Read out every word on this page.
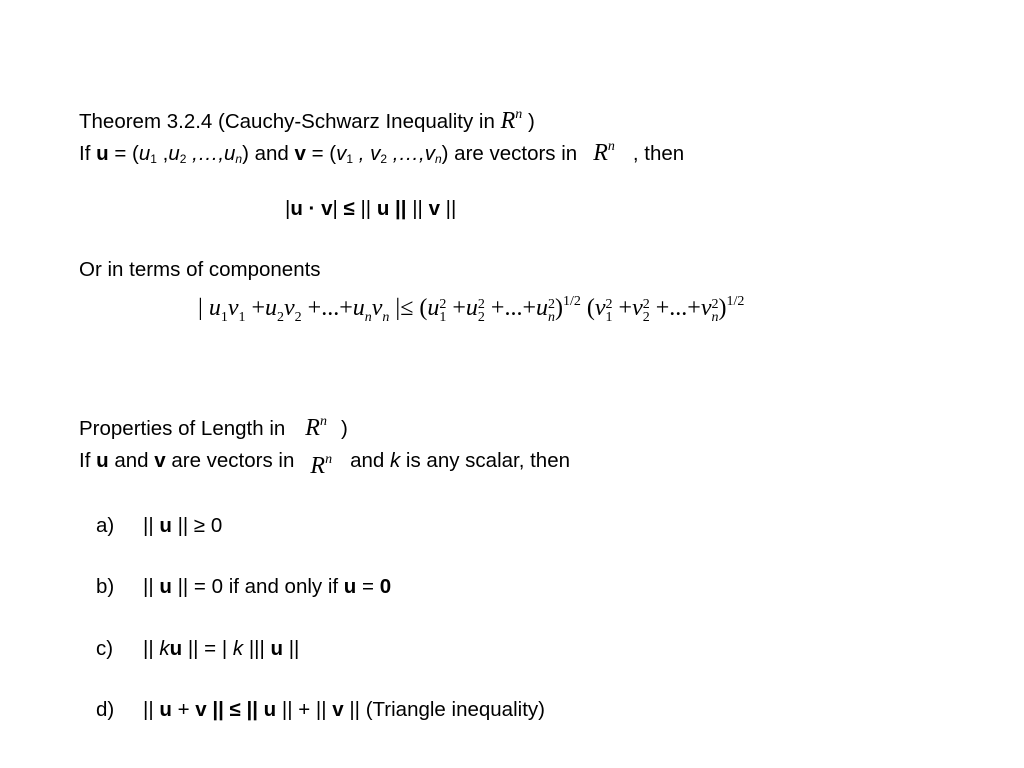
Theorem 3.2.4 (Cauchy-Schwarz Inequality in $R^n$ )
If $u = (u_1$ $,u_2$ $,\dots,u_n$) and $v = (v_1$ , $v_2$ $,\dots,v_n$) are vectors in $R^n$ , then
|u · v| ≤ || u || || v ||
Or in terms of components
| $u_1v_1 +u_2v_2 +...+u_nv_n$ |≤ (u 2
1 +u 2
2 +...+u 2
n )$^{1/2}$ (v 2
1 +v 2
2 +...+v 2
n )$^{1/2}$
Properties of Length in $R^n$ )
If u and v are vectors in $R^n$ and k is any scalar, then
a) || u || ≥ 0
b) || u || = 0 if and only if u = 0
c) || ku || = | k ||| u ||
d) || u + v || ≤ || u || + || v || (Triangle inequality)
